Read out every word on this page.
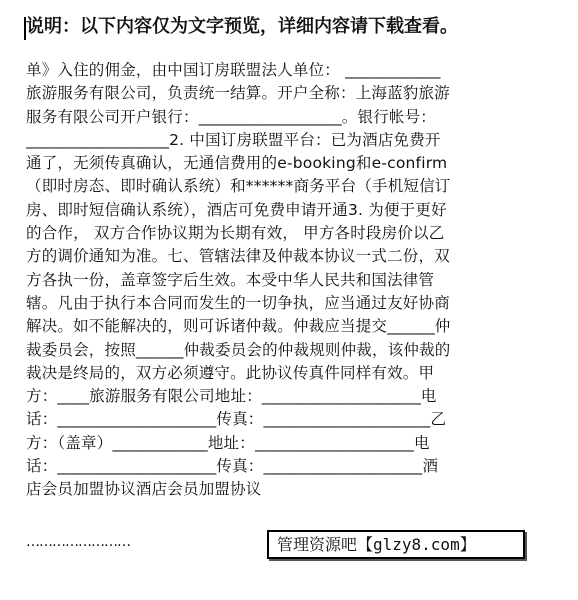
说明：以下内容仅为文字预览，详细内容请下载查看。
单》入住的佣金，由中国订房联盟法人单位： ____________
旅游服务有限公司，负责统一结算。开户全称：上海蓝豹旅游
服务有限公司开户银行：__________________。银行帐号：
__________________2. 中国订房联盟平台：已为酒店免费开
通了，无须传真确认，无通信费用的e-booking和e-confirm
（即时房态、即时确认系统）和******商务平台（手机短信订
房、即时短信确认系统），酒店可免费申请开通3. 为便于更好
的合作， 双方合作协议期为长期有效， 甲方各时段房价以乙
方的调价通知为准。七、管辖法律及仲裁本协议一式二份，双
方各执一份，盖章签字后生效。本受中华人民共和国法律管
辖。凡由于执行本合同而发生的一切争执，应当通过友好协商
解决。如不能解决的，则可诉诸仲裁。仲裁应当提交______仲
裁委员会，按照______仲裁委员会的仲裁规则仲裁，该仲裁的
裁决是终局的，双方必须遵守。此协议传真件同样有效。甲
方：____旅游服务有限公司地址：____________________电
话：____________________传真：_____________________乙
方：（盖章）____________地址：____________________电
话：____________________传真：____________________酒
店会员加盟协议酒店会员加盟协议
……………………	管理资源吧【glzy8.com】
